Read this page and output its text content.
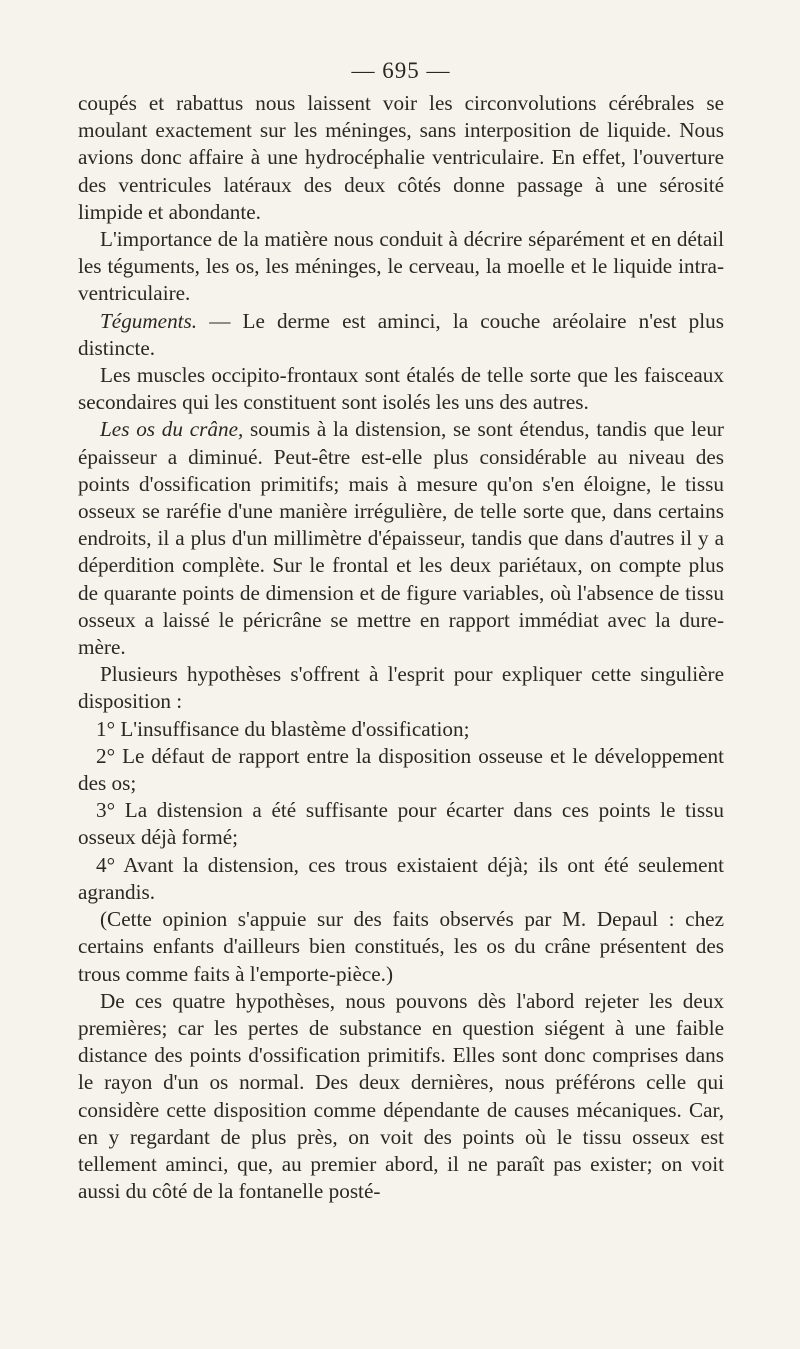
— 695 —

coupés et rabattus nous laissent voir les circonvolutions cérébrales se moulant exactement sur les méninges, sans interposition de liquide. Nous avions donc affaire à une hydrocéphalie ventriculaire. En effet, l'ouverture des ventricules latéraux des deux côtés donne passage à une sérosité limpide et abondante.

L'importance de la matière nous conduit à décrire séparément et en détail les téguments, les os, les méninges, le cerveau, la moelle et le liquide intra-ventriculaire.

Téguments. — Le derme est aminci, la couche aréolaire n'est plus distincte.

Les muscles occipito-frontaux sont étalés de telle sorte que les faisceaux secondaires qui les constituent sont isolés les uns des autres.

Les os du crâne, soumis à la distension, se sont étendus, tandis que leur épaisseur a diminué. Peut-être est-elle plus considérable au niveau des points d'ossification primitifs; mais à mesure qu'on s'en éloigne, le tissu osseux se raréfie d'une manière irrégulière, de telle sorte que, dans certains endroits, il a plus d'un millimètre d'épaisseur, tandis que dans d'autres il y a déperdition complète. Sur le frontal et les deux pariétaux, on compte plus de quarante points de dimension et de figure variables, où l'absence de tissu osseux a laissé le péricrâne se mettre en rapport immédiat avec la dure-mère.

Plusieurs hypothèses s'offrent à l'esprit pour expliquer cette singulière disposition :

1° L'insuffisance du blastème d'ossification;

2° Le défaut de rapport entre la disposition osseuse et le développement des os;

3° La distension a été suffisante pour écarter dans ces points le tissu osseux déjà formé;

4° Avant la distension, ces trous existaient déjà; ils ont été seulement agrandis.

(Cette opinion s'appuie sur des faits observés par M. Depaul : chez certains enfants d'ailleurs bien constitués, les os du crâne présentent des trous comme faits à l'emporte-pièce.)

De ces quatre hypothèses, nous pouvons dès l'abord rejeter les deux premières; car les pertes de substance en question siégent à une faible distance des points d'ossification primitifs. Elles sont donc comprises dans le rayon d'un os normal. Des deux dernières, nous préférons celle qui considère cette disposition comme dépendante de causes mécaniques. Car, en y regardant de plus près, on voit des points où le tissu osseux est tellement aminci, que, au premier abord, il ne paraît pas exister; on voit aussi du côté de la fontanelle posté-
